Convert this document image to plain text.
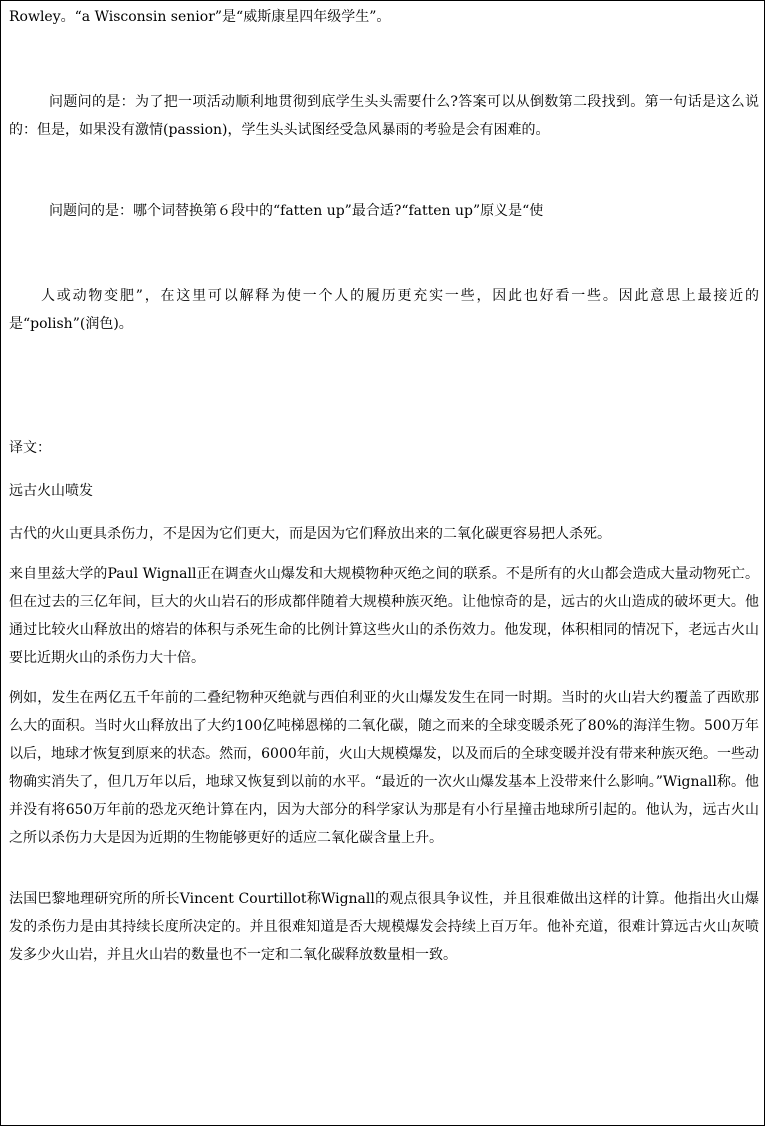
Rowley。“a Wisconsin senior”是“威斯康星四年级学生”。

问题问的是：为了把一项活动顺利地贯彻到底学生头头需要什么?答案可以从倒数第二段找到。第一句话是这么说的：但是，如果没有激情(passion)，学生头头试图经受急风暴雨的考验是会有困难的。

问题问的是：哪个词替换第６段中的“fatten up”最合适?“fatten up”原义是“使

人或动物变肥”，在这里可以解释为使一个人的履历更充实一些，因此也好看一些。因此意思上最接近的是“polish”(润色)。

译文：

远古火山喷发

古代的火山更具杀伤力，不是因为它们更大，而是因为它们释放出来的二氧化碳更容易把人杀死。

来自里兹大学的Paul Wignall正在调查火山爆发和大规模物种灭绝之间的联系。不是所有的火山都会造成大量动物死亡。但在过去的三亿年间，巨大的火山岩石的形成都伴随着大规模种族灭绝。让他惊奇的是，远古的火山造成的破坏更大。他通过比较火山释放出的熔岩的体积与杀死生命的比例计算这些火山的杀伤效力。他发现，体积相同的情况下，老远古火山要比近期火山的杀伤力大十倍。

例如，发生在两亿五千年前的二叠纪物种灭绝就与西伯利亚的火山爆发发生在同一时期。当时的火山岩大约覆盖了西欧那么大的面积。当时火山释放出了大约100亿吨梯恩梯的二氧化碳，随之而来的全球变暖杀死了80%的海洋生物。500万年以后，地球才恢复到原来的状态。然而，6000年前，火山大规模爆发，以及而后的全球变暖并没有带来种族灭绝。一些动物确实消失了，但几万年以后，地球又恢复到以前的水平。“最近的一次火山爆发基本上没带来什么影响。”Wignall称。他并没有将650万年前的恐龙灭绝计算在内，因为大部分的科学家认为那是有小行星撞击地球所引起的。他认为，远古火山之所以杀伤力大是因为近期的生物能够更好的适应二氧化碳含量上升。

法国巴黎地理研究所的所长Vincent Courtillot称Wignall的观点很具争议性，并且很难做出这样的计算。他指出火山爆发的杀伤力是由其持续长度所决定的。并且很难知道是否大规模爆发会持续上百万年。他补充道，很难计算远古火山灰喷发多少火山岩，并且火山岩的数量也不一定和二氧化碳释放数量相一致。
